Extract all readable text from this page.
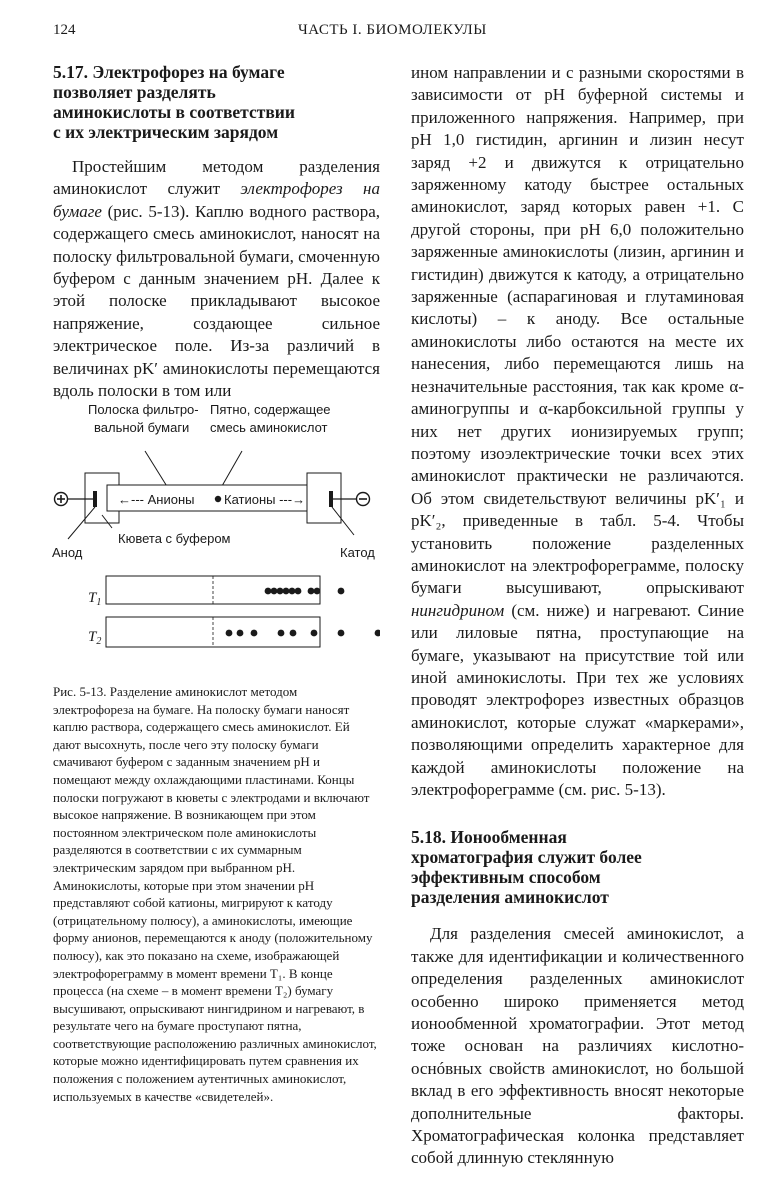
124	ЧАСТЬ I. БИОМОЛЕКУЛЫ
5.17. Электрофорез на бумаге
позволяет разделять
аминокислоты в соответствии
с их электрическим зарядом

Простейшим методом разделения аминокислот служит электрофорез на бумаге (рис. 5-13). Каплю водного раствора, содержащего смесь аминокислот, наносят на полоску фильтровальной бумаги, смоченную буфером с данным значением pH. Далее к этой полоске прикладывают высокое напряжение, создающее сильное электрическое поле. Из-за различий в величинах pK′ аминокислоты перемещаются вдоль полоски в том или

Полоска фильтро-
вальной бумаги
Пятно, содержащее
смесь аминокислот
←--- Анионы Катионы ---→
Кювета с буфером
Анод	Катод
$T_1$
$T_2$

Рис. 5-13. Разделение аминокислот методом электрофореза на бумаге. На полоску бумаги наносят каплю раствора, содержащего смесь аминокислот. Ей дают высохнуть, после чего эту полоску бумаги смачивают буфером с заданным значением pH и помещают между охлаждающими пластинами. Концы полоски погружают в кюветы с электродами и включают высокое напряжение. В возникающем при этом постоянном электрическом поле аминокислоты разделяются в соответствии с их суммарным электрическим зарядом при выбранном pH. Аминокислоты, которые при этом значении pH представляют собой катионы, мигрируют к катоду (отрицательному полюсу), а аминокислоты, имеющие форму анионов, перемещаются к аноду (положительному полюсу), как это показано на схеме, изображающей электрофореграмму в момент времени T₁. В конце процесса (на схеме – в момент времени T₂) бумагу высушивают, опрыскивают нингидрином и нагревают, в результате чего на бумаге проступают пятна, соответствующие расположению различных аминокислот, которые можно идентифицировать путем сравнения их положения с положением аутентичных аминокислот, используемых в качестве «свидетелей».

ином направлении и с разными скоростями в зависимости от pH буферной системы и приложенного напряжения. Например, при pH 1,0 гистидин, аргинин и лизин несут заряд +2 и движутся к отрицательно заряженному катоду быстрее остальных аминокислот, заряд которых равен +1. С другой стороны, при pH 6,0 положительно заряженные аминокислоты (лизин, аргинин и гистидин) движутся к катоду, а отрицательно заряженные (аспарагиновая и глутаминовая кислоты) – к аноду. Все остальные аминокислоты либо остаются на месте их нанесения, либо перемещаются лишь на незначительные расстояния, так как кроме α-аминогруппы и α-карбоксильной группы у них нет других ионизируемых групп; поэтому изоэлектрические точки всех этих аминокислот практически не различаются. Об этом свидетельствуют величины pK′₁ и pK′₂, приведенные в табл. 5-4. Чтобы установить положение разделенных аминокислот на электрофореграмме, полоску бумаги высушивают, опрыскивают нингидрином (см. ниже) и нагревают. Синие или лиловые пятна, проступающие на бумаге, указывают на присутствие той или иной аминокислоты. При тех же условиях проводят электрофорез известных образцов аминокислот, которые служат «маркерами», позволяющими определить характерное для каждой аминокислоты положение на электрофореграмме (см. рис. 5-13).

5.18. Ионообменная
хроматография служит более
эффективным способом
разделения аминокислот

Для разделения смесей аминокислот, а также для идентификации и количественного определения разделенных аминокислот особенно широко применяется метод ионообменной хроматографии. Этот метод тоже основан на различиях кислотно-оснóвных свойств аминокислот, но большой вклад в его эффективность вносят некоторые дополнительные факторы. Хроматографическая колонка представляет собой длинную стеклянную
